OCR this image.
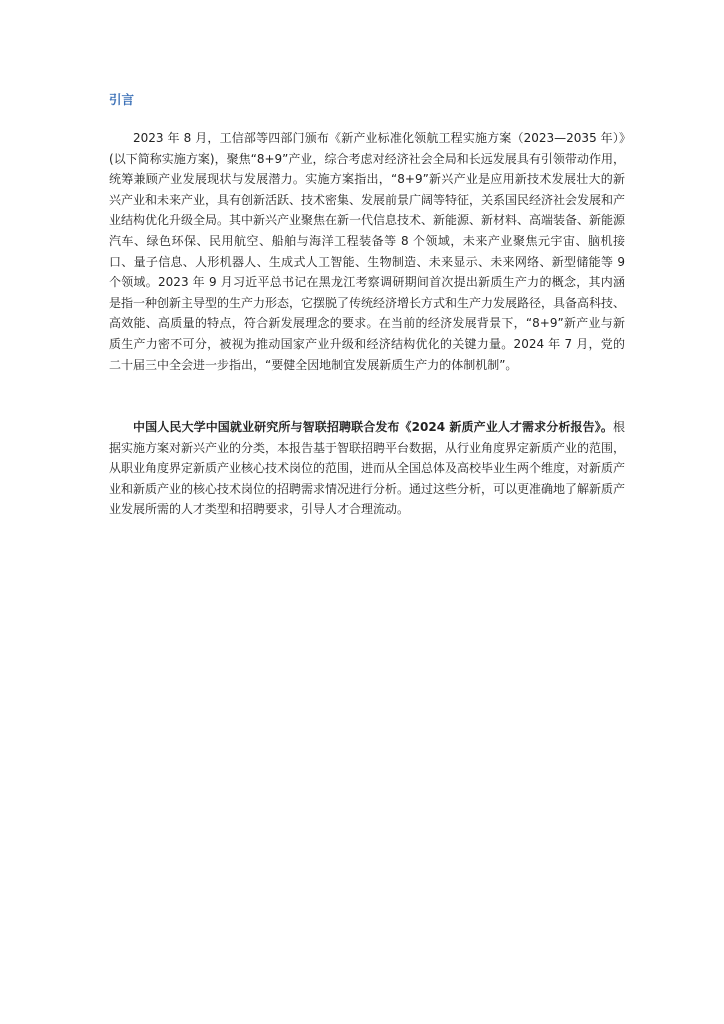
引言

2023 年 8 月，工信部等四部门颁布《新产业标准化领航工程实施方案（2023—2035 年）》(以下简称实施方案)，聚焦“8+9”产业，综合考虑对经济社会全局和长远发展具有引领带动作用，统筹兼顾产业发展现状与发展潜力。实施方案指出，“8+9”新兴产业是应用新技术发展壮大的新兴产业和未来产业，具有创新活跃、技术密集、发展前景广阔等特征，关系国民经济社会发展和产业结构优化升级全局。其中新兴产业聚焦在新一代信息技术、新能源、新材料、高端装备、新能源汽车、绿色环保、民用航空、船舶与海洋工程装备等 8 个领域，未来产业聚焦元宇宙、脑机接口、量子信息、人形机器人、生成式人工智能、生物制造、未来显示、未来网络、新型储能等 9 个领域。2023 年 9 月习近平总书记在黑龙江考察调研期间首次提出新质生产力的概念，其内涵是指一种创新主导型的生产力形态，它摆脱了传统经济增长方式和生产力发展路径，具备高科技、高效能、高质量的特点，符合新发展理念的要求。在当前的经济发展背景下，“8+9”新产业与新质生产力密不可分，被视为推动国家产业升级和经济结构优化的关键力量。2024 年 7 月，党的二十届三中全会进一步指出，“要健全因地制宜发展新质生产力的体制机制”。

中国人民大学中国就业研究所与智联招聘联合发布《2024 新质产业人才需求分析报告》。根据实施方案对新兴产业的分类，本报告基于智联招聘平台数据，从行业角度界定新质产业的范围，从职业角度界定新质产业核心技术岗位的范围，进而从全国总体及高校毕业生两个维度，对新质产业和新质产业的核心技术岗位的招聘需求情况进行分析。通过这些分析，可以更准确地了解新质产业发展所需的人才类型和招聘要求，引导人才合理流动。
